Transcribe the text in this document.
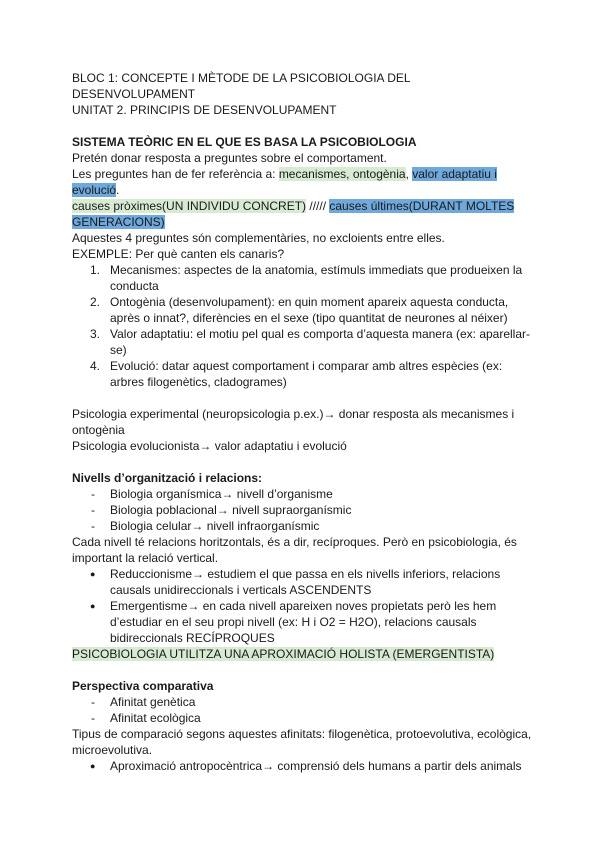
BLOC 1: CONCEPTE I MÈTODE DE LA PSICOBIOLOGIA DEL

DESENVOLUPAMENT

UNITAT 2. PRINCIPIS DE DESENVOLUPAMENT

SISTEMA TEÒRIC EN EL QUE ES BASA LA PSICOBIOLOGIA

Pretén donar resposta a preguntes sobre el comportament.

Les preguntes han de fer referència a: mecanismes, ontogènia, valor adaptatiu i evolució.

causes pròximes(UN INDIVIDU CONCRET) ///// causes últimes(DURANT MOLTES GENERACIONS)

Aquestes 4 preguntes són complementàries, no excloients entre elles.

EXEMPLE: Per què canten els canaris?

1. Mecanismes: aspectes de la anatomia, estímuls immediats que produeixen la conducta
2. Ontogènia (desenvolupament): en quin moment apareix aquesta conducta, après o innat?, diferències en el sexe (tipo quantitat de neurones al néixer)
3. Valor adaptatiu: el motiu pel qual es comporta d’aquesta manera (ex: aparellar-se)
4. Evolució: datar aquest comportament i comparar amb altres espècies (ex: arbres filogenètics, cladogrames)

Psicologia experimental (neuropsicologia p.ex.)→ donar resposta als mecanismes i ontogènia

Psicologia evolucionista→ valor adaptatiu i evolució

Nivells d’organització i relacions:

- Biologia organísmica→ nivell d’organisme
- Biologia poblacional→ nivell supraorganísmic
- Biologia celular→ nivell infraorganísmic

Cada nivell té relacions horitzontals, és a dir, recíproques. Però en psicobiologia, és important la relació vertical.

● Reduccionisme→ estudiem el que passa en els nivells inferiors, relacions causals unidireccionals i verticals ASCENDENTS
● Emergentisme→ en cada nivell apareixen noves propietats però les hem d’estudiar en el seu propi nivell (ex: H i O2 = H2O), relacions causals bidireccionals RECÍPROQUES

PSICOBIOLOGIA UTILITZA UNA APROXIMACIÓ HOLISTA (EMERGENTISTA)

Perspectiva comparativa

- Afinitat genètica
- Afinitat ecològica

Tipus de comparació segons aquestes afinitats: filogenètica, protoevolutiva, ecològica, microevolutiva.

● Aproximació antropocèntrica→ comprensió dels humans a partir dels animals
